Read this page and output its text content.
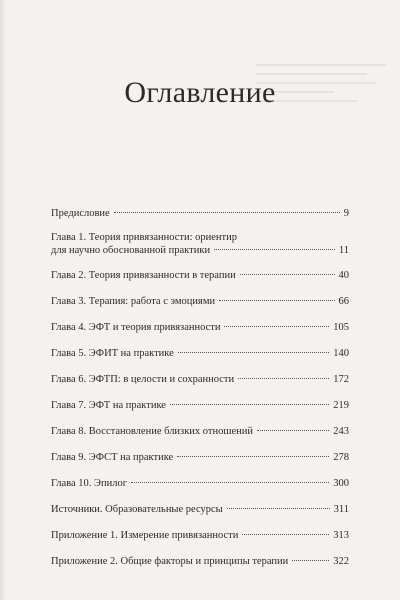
Оглавление
Предисловие	9
Глава 1. Теория привязанности: ориентир
для научно обоснованной практики	11
Глава 2. Теория привязанности в терапии	40
Глава 3. Терапия: работа с эмоциями	66
Глава 4. ЭФТ и теория привязанности	105
Глава 5. ЭФИТ на практике	140
Глава 6. ЭФТП: в целости и сохранности	172
Глава 7. ЭФТ на практике	219
Глава 8. Восстановление близких отношений	243
Глава 9. ЭФСТ на практике	278
Глава 10. Эпилог	300
Источники. Образовательные ресурсы	311
Приложение 1. Измерение привязанности	313
Приложение 2. Общие факторы и принципы терапии	322
